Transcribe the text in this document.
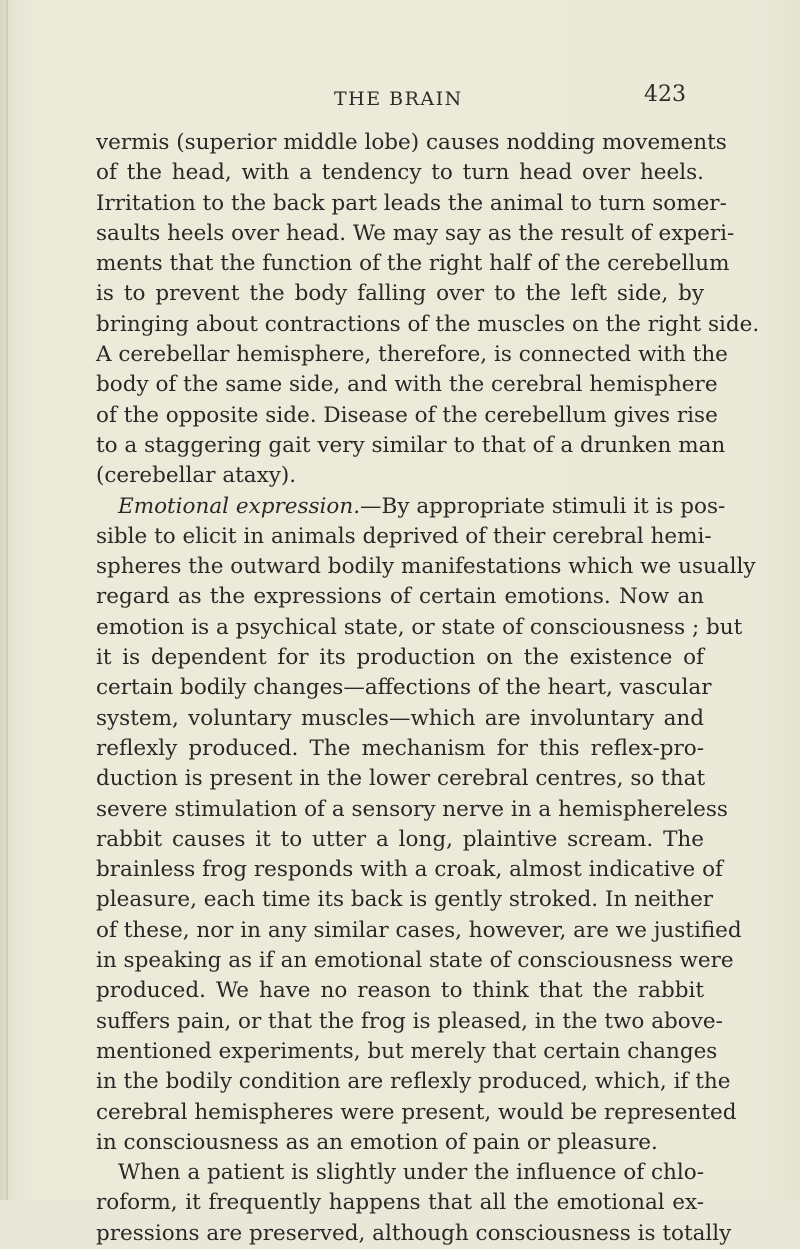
THE BRAIN	423
vermis (superior middle lobe) causes nodding movements
of the head, with a tendency to turn head over heels.
Irritation to the back part leads the animal to turn somer-
saults heels over head. We may say as the result of experi-
ments that the function of the right half of the cerebellum
is to prevent the body falling over to the left side, by
bringing about contractions of the muscles on the right side.
A cerebellar hemisphere, therefore, is connected with the
body of the same side, and with the cerebral hemisphere
of the opposite side. Disease of the cerebellum gives rise
to a staggering gait very similar to that of a drunken man
(cerebellar ataxy).
Emotional expression.—By appropriate stimuli it is pos-
sible to elicit in animals deprived of their cerebral hemi-
spheres the outward bodily manifestations which we usually
regard as the expressions of certain emotions. Now an
emotion is a psychical state, or state of consciousness ; but
it is dependent for its production on the existence of
certain bodily changes—affections of the heart, vascular
system, voluntary muscles—which are involuntary and
reflexly produced. The mechanism for this reflex-pro-
duction is present in the lower cerebral centres, so that
severe stimulation of a sensory nerve in a hemisphereless
rabbit causes it to utter a long, plaintive scream. The
brainless frog responds with a croak, almost indicative of
pleasure, each time its back is gently stroked. In neither
of these, nor in any similar cases, however, are we justified
in speaking as if an emotional state of consciousness were
produced. We have no reason to think that the rabbit
suffers pain, or that the frog is pleased, in the two above-
mentioned experiments, but merely that certain changes
in the bodily condition are reflexly produced, which, if the
cerebral hemispheres were present, would be represented
in consciousness as an emotion of pain or pleasure.
When a patient is slightly under the influence of chlo-
roform, it frequently happens that all the emotional ex-
pressions are preserved, although consciousness is totally
